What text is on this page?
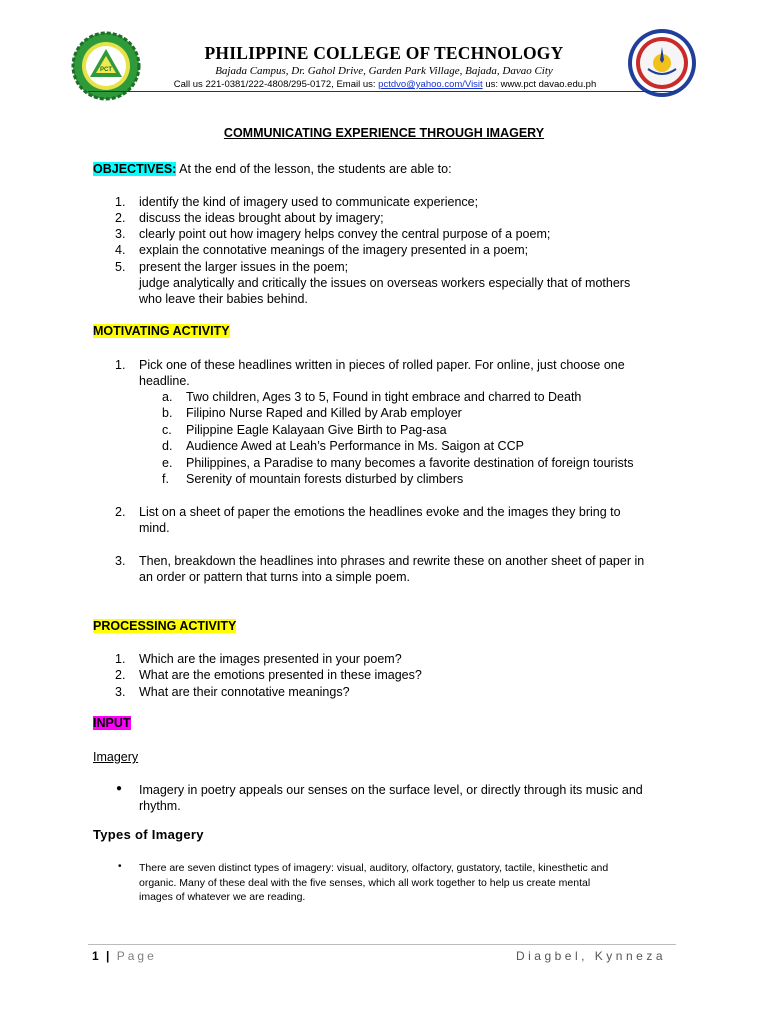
PCT
PHILIPPINE COLLEGE OF TECHNOLOGY
Bajada Campus, Dr. Gahol Drive, Garden Park Village, Bajada, Davao City
Call us 221-0381/222-4808/295-0172, Email us: pctdvo@yahoo.com/Visit us: www.pct davao.edu.ph
COMMUNICATING EXPERIENCE THROUGH IMAGERY
OBJECTIVES: At the end of the lesson, the students are able to:
1.	identify the kind of imagery used to communicate experience;
2.	discuss the ideas brought about by imagery;
3.	clearly point out how imagery helps convey the central purpose of a poem;
4.	explain the connotative meanings of the imagery presented in a poem;
5.	present the larger issues in the poem;
judge analytically and critically the issues on overseas workers especially that of mothers
who leave their babies behind.
MOTIVATING ACTIVITY
1.	Pick one of these headlines written in pieces of rolled paper. For online, just choose one
headline.
a.	Two children, Ages 3 to 5, Found in tight embrace and charred to Death
b.	Filipino Nurse Raped and Killed by Arab employer
c.	Pilippine Eagle Kalayaan Give Birth to Pag-asa
d.	Audience Awed at Leah’s Performance in Ms. Saigon at CCP
e.	Philippines, a Paradise to many becomes a favorite destination of foreign tourists
f.	Serenity of mountain forests disturbed by climbers
2.	List on a sheet of paper the emotions the headlines evoke and the images they bring to
mind.
3.	Then, breakdown the headlines into phrases and rewrite these on another sheet of paper in
an order or pattern that turns into a simple poem.
PROCESSING ACTIVITY
1.	Which are the images presented in your poem?
2.	What are the emotions presented in these images?
3.	What are their connotative meanings?
INPUT
Imagery
● Imagery in poetry appeals our senses on the surface level, or directly through its music and
rhythm.
Types of Imagery
• There are seven distinct types of imagery: visual, auditory, olfactory, gustatory, tactile, kinesthetic and
organic. Many of these deal with the five senses, which all work together to help us create mental
images of whatever we are reading.
1 | Page	Diagbel, Kynneza
